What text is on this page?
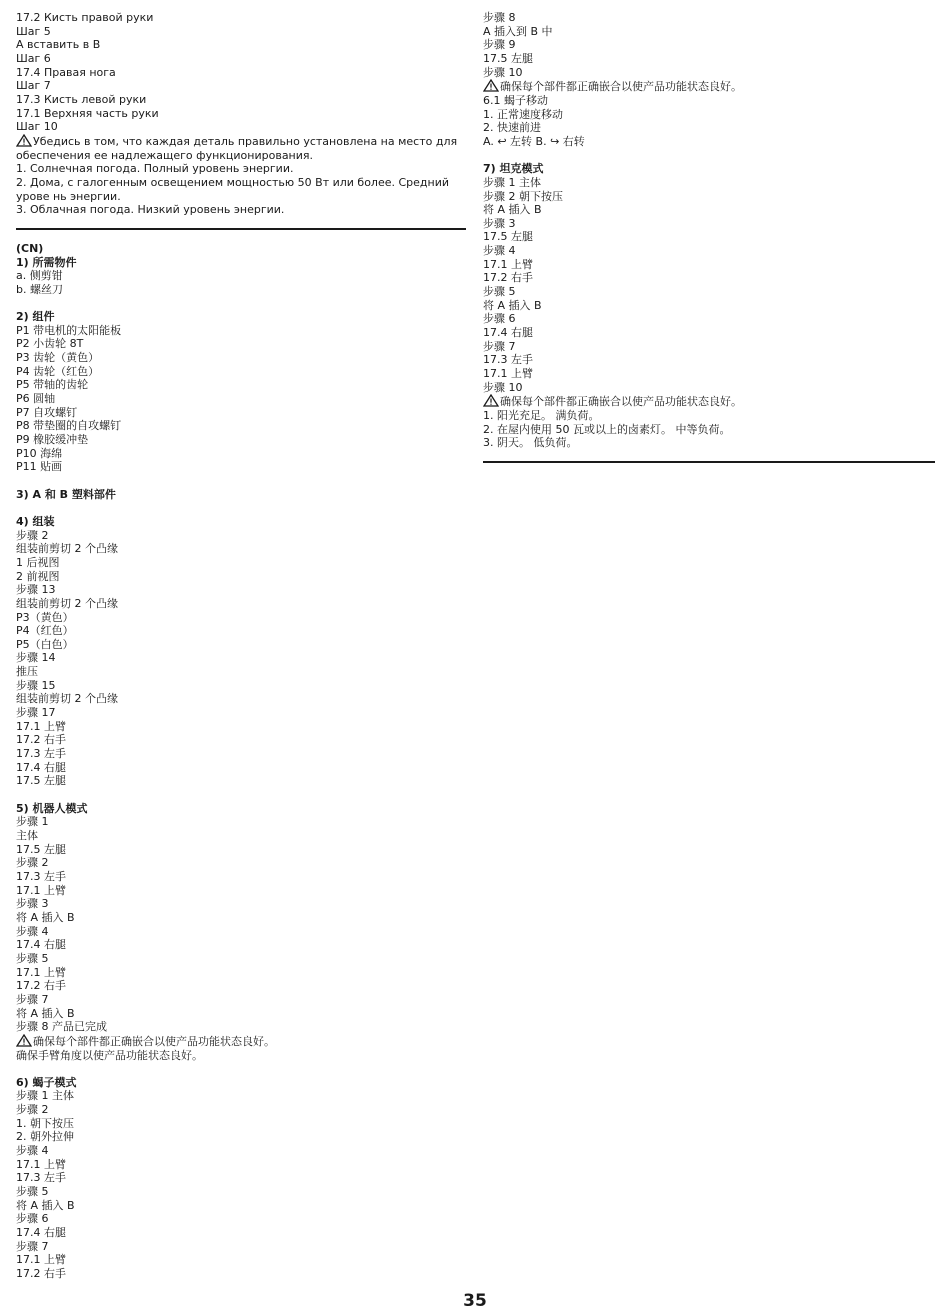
17.2 Кисть правой руки
Шаг 5
A вставить в B
Шаг 6
17.4 Правая нога
Шаг 7
17.3 Кисть левой руки
17.1 Верхняя часть руки
Шаг 10
Убедись в том, что каждая деталь правильно установлена на место для обеспечения ее надлежащего функционирования.
1. Солнечная погода. Полный уровень энергии.
2. Дома, с галогенным освещением мощностью 50 Вт или более. Средний урове нь энергии.
3. Облачная погода. Низкий уровень энергии.
(CN)
1) 所需物件
a. 侧剪钳
b. 螺丝刀
2) 组件
P1 带电机的太阳能板
P2 小齿轮 8T
P3 齿轮（黄色）
P4 齿轮（红色）
P5 带轴的齿轮
P6 圆轴
P7 自攻螺钉
P8 带垫圈的自攻螺钉
P9 橡胶缓冲垫
P10 海绵
P11 贴画
3) A 和 B 塑料部件
4) 组装
步骤 2
组装前剪切 2 个凸缘
1 后视图
2 前视图
步骤 13
组装前剪切 2 个凸缘
P3（黄色）
P4（红色）
P5（白色）
步骤 14
推压
步骤 15
组装前剪切 2 个凸缘
步骤 17
17.1 上臂
17.2 右手
17.3 左手
17.4 右腿
17.5 左腿
5) 机器人模式
步骤 1
主体
17.5 左腿
步骤 2
17.3 左手
17.1 上臂
步骤 3
将 A 插入 B
步骤 4
17.4 右腿
步骤 5
17.1 上臂
17.2 右手
步骤 7
将 A 插入 B
步骤 8 产品已完成
确保每个部件都正确嵌合以使产品功能状态良好。
确保手臂角度以使产品功能状态良好。
6) 蝎子模式
步骤 1 主体
步骤 2
1. 朝下按压
2. 朝外拉伸
步骤 4
17.1 上臂
17.3 左手
步骤 5
将 A 插入 B
步骤 6
17.4 右腿
步骤 7
17.1 上臂
17.2 右手
步骤 8
A 插入到 B 中
步骤 9
17.5 左腿
步骤 10
确保每个部件都正确嵌合以使产品功能状态良好。
6.1 蝎子移动
1. 正常速度移动
2. 快速前进
A. ↩ 左转 B. ↪ 右转
7) 坦克模式
步骤 1 主体
步骤 2 朝下按压
将 A 插入 B
步骤 3
17.5 左腿
步骤 4
17.1 上臂
17.2 右手
步骤 5
将 A 插入 B
步骤 6
17.4 右腿
步骤 7
17.3 左手
17.1 上臂
步骤 10
确保每个部件都正确嵌合以使产品功能状态良好。
1. 阳光充足。 满负荷。
2. 在屋内使用 50 瓦或以上的卤素灯。 中等负荷。
3. 阴天。 低负荷。
35
